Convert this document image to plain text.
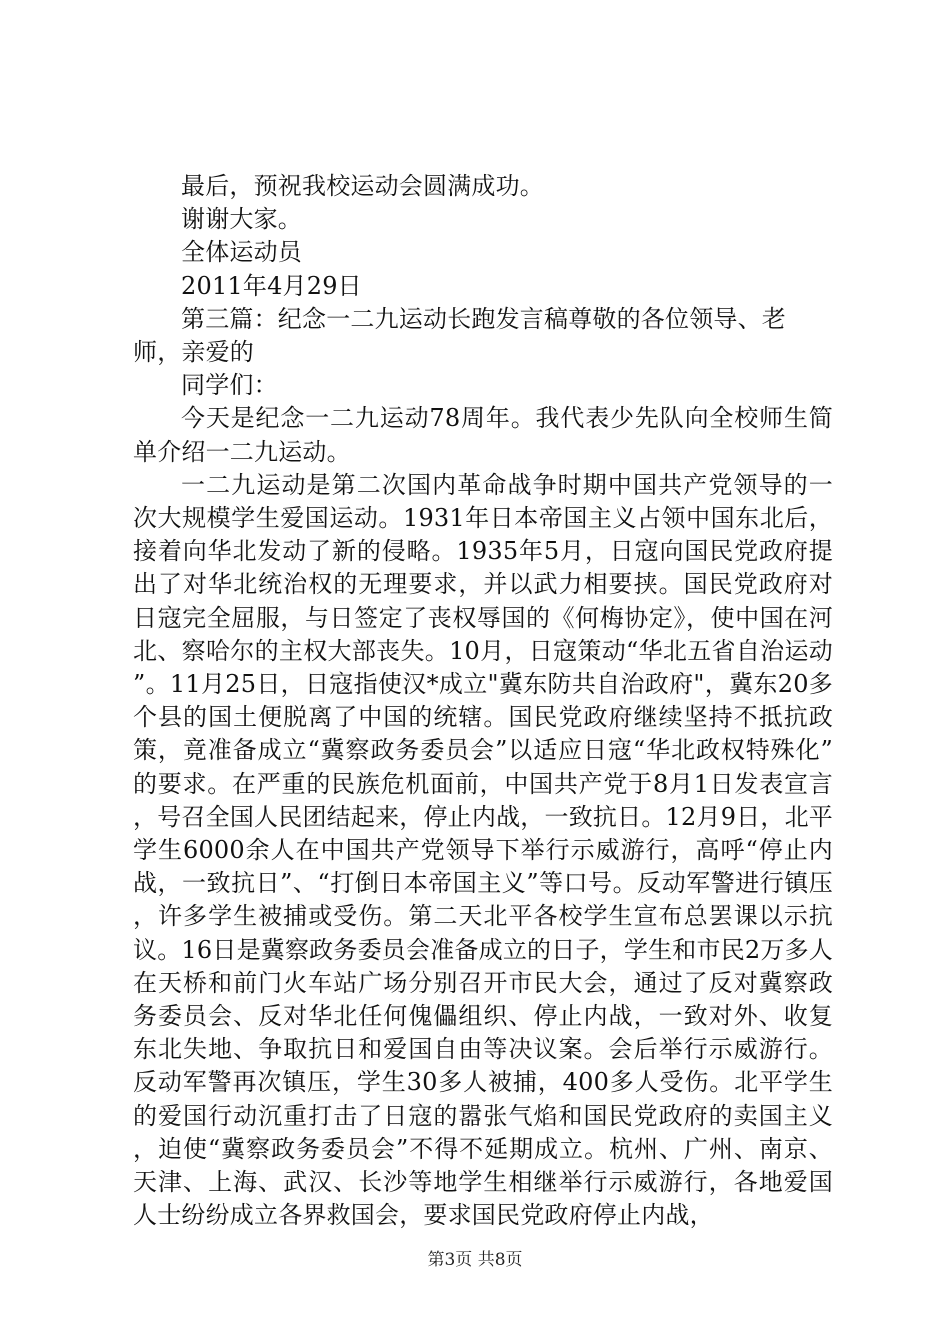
最后，预祝我校运动会圆满成功。
谢谢大家。
全体运动员
2011年4月29日
第三篇：纪念一二九运动长跑发言稿尊敬的各位领导、老师，亲爱的
同学们：
今天是纪念一二九运动78周年。我代表少先队向全校师生简单介绍一二九运动。
一二九运动是第二次国内革命战争时期中国共产党领导的一次大规模学生爱国运动。1931年日本帝国主义占领中国东北后，接着向华北发动了新的侵略。1935年5月，日寇向国民党政府提出了对华北统治权的无理要求，并以武力相要挟。国民党政府对日寇完全屈服，与日签定了丧权辱国的《何梅协定》，使中国在河北、察哈尔的主权大部丧失。10月，日寇策动“华北五省自治运动”。11月25日，日寇指使汉*成立"冀东防共自治政府"，冀东20多个县的国土便脱离了中国的统辖。国民党政府继续坚持不抵抗政策，竟准备成立“冀察政务委员会”以适应日寇“华北政权特殊化”的要求。在严重的民族危机面前，中国共产党于8月1日发表宣言，号召全国人民团结起来，停止内战，一致抗日。12月9日，北平学生6000余人在中国共产党领导下举行示威游行，高呼“停止内战，一致抗日”、“打倒日本帝国主义”等口号。反动军警进行镇压，许多学生被捕或受伤。第二天北平各校学生宣布总罢课以示抗议。16日是冀察政务委员会准备成立的日子，学生和市民2万多人在天桥和前门火车站广场分别召开市民大会，通过了反对冀察政务委员会、反对华北任何傀儡组织、停止内战，一致对外、收复东北失地、争取抗日和爱国自由等决议案。会后举行示威游行。反动军警再次镇压，学生30多人被捕，400多人受伤。北平学生的爱国行动沉重打击了日寇的嚣张气焰和国民党政府的卖国主义，迫使“冀察政务委员会”不得不延期成立。杭州、广州、南京、天津、上海、武汉、长沙等地学生相继举行示威游行，各地爱国人士纷纷成立各界救国会，要求国民党政府停止内战，
第3页 共8页
